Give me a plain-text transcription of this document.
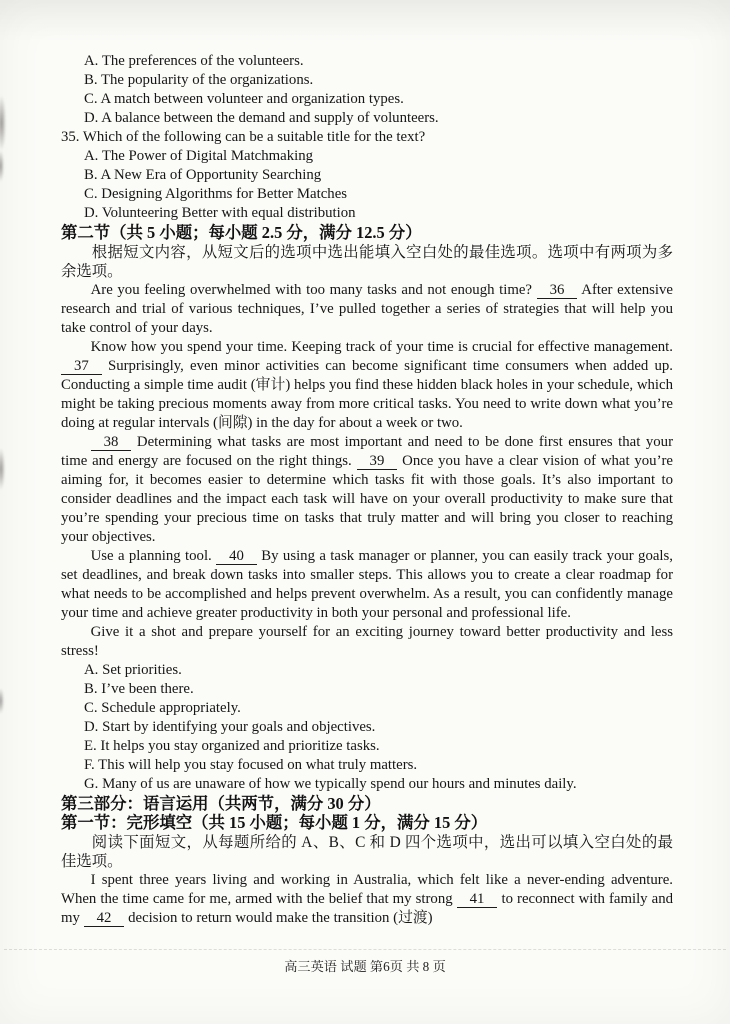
A. The preferences of the volunteers.

B. The popularity of the organizations.

C. A match between volunteer and organization types.

D. A balance between the demand and supply of volunteers.

35. Which of the following can be a suitable title for the text?

A. The Power of Digital Matchmaking

B. A New Era of Opportunity Searching

C. Designing Algorithms for Better Matches

D. Volunteering Better with equal distribution

第二节（共 5 小题；每小题 2.5 分，满分 12.5 分）

根据短文内容，从短文后的选项中选出能填入空白处的最佳选项。选项中有两项为多余选项。

Are you feeling overwhelmed with too many tasks and not enough time? 36 After extensive research and trial of various techniques, I’ve pulled together a series of strategies that will help you take control of your days.

Know how you spend your time. Keeping track of your time is crucial for effective management. 37 Surprisingly, even minor activities can become significant time consumers when added up. Conducting a simple time audit (审计) helps you find these hidden black holes in your schedule, which might be taking precious moments away from more critical tasks. You need to write down what you’re doing at regular intervals (间隙) in the day for about a week or two.

38 Determining what tasks are most important and need to be done first ensures that your time and energy are focused on the right things. 39 Once you have a clear vision of what you’re aiming for, it becomes easier to determine which tasks fit with those goals. It’s also important to consider deadlines and the impact each task will have on your overall productivity to make sure that you’re spending your precious time on tasks that truly matter and will bring you closer to reaching your objectives.

Use a planning tool. 40 By using a task manager or planner, you can easily track your goals, set deadlines, and break down tasks into smaller steps. This allows you to create a clear roadmap for what needs to be accomplished and helps prevent overwhelm. As a result, you can confidently manage your time and achieve greater productivity in both your personal and professional life.

Give it a shot and prepare yourself for an exciting journey toward better productivity and less stress!

A. Set priorities.

B. I’ve been there.

C. Schedule appropriately.

D. Start by identifying your goals and objectives.

E. It helps you stay organized and prioritize tasks.

F. This will help you stay focused on what truly matters.

G. Many of us are unaware of how we typically spend our hours and minutes daily.

第三部分：语言运用（共两节，满分 30 分）

第一节：完形填空（共 15 小题；每小题 1 分，满分 15 分）

阅读下面短文，从每题所给的 A、B、C 和 D 四个选项中，选出可以填入空白处的最佳选项。

I spent three years living and working in Australia, which felt like a never-ending adventure. When the time came for me, armed with the belief that my strong 41 to reconnect with family and my 42 decision to return would make the transition (过渡)

高三英语 试题 第6页 共 8 页
